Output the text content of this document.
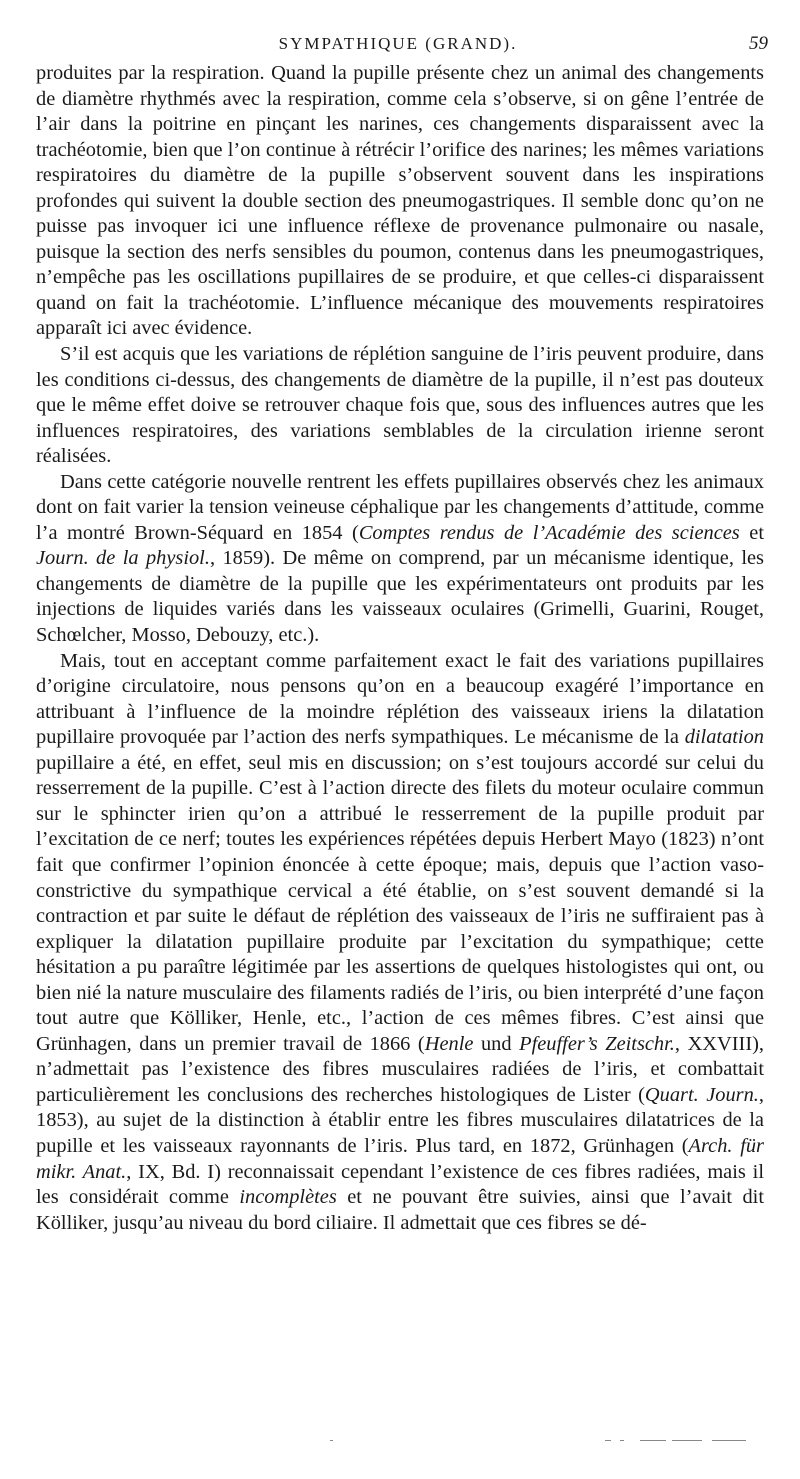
SYMPATHIQUE (GRAND).	59

produites par la respiration. Quand la pupille présente chez un animal des changements de diamètre rhythmés avec la respiration, comme cela s’observe, si on gêne l’entrée de l’air dans la poitrine en pinçant les narines, ces changements disparaissent avec la trachéotomie, bien que l’on continue à rétrécir l’orifice des narines; les mêmes variations respiratoires du diamètre de la pupille s’observent souvent dans les inspirations profondes qui suivent la double section des pneumogastriques. Il semble donc qu’on ne puisse pas invoquer ici une influence réflexe de provenance pulmonaire ou nasale, puisque la section des nerfs sensibles du poumon, contenus dans les pneumogastriques, n’empêche pas les oscillations pupillaires de se produire, et que celles-ci disparaissent quand on fait la trachéotomie. L’influence mécanique des mouvements respiratoires apparaît ici avec évidence.

S’il est acquis que les variations de réplétion sanguine de l’iris peuvent produire, dans les conditions ci-dessus, des changements de diamètre de la pupille, il n’est pas douteux que le même effet doive se retrouver chaque fois que, sous des influences autres que les influences respiratoires, des variations semblables de la circulation irienne seront réalisées.

Dans cette catégorie nouvelle rentrent les effets pupillaires observés chez les animaux dont on fait varier la tension veineuse céphalique par les changements d’attitude, comme l’a montré Brown-Séquard en 1854 (Comptes rendus de l’Académie des sciences et Journ. de la physiol., 1859). De même on comprend, par un mécanisme identique, les changements de diamètre de la pupille que les expérimentateurs ont produits par les injections de liquides variés dans les vaisseaux oculaires (Grimelli, Guarini, Rouget, Schœlcher, Mosso, Debouzy, etc.).

Mais, tout en acceptant comme parfaitement exact le fait des variations pupillaires d’origine circulatoire, nous pensons qu’on en a beaucoup exagéré l’importance en attribuant à l’influence de la moindre réplétion des vaisseaux iriens la dilatation pupillaire provoquée par l’action des nerfs sympathiques. Le mécanisme de la dilatation pupillaire a été, en effet, seul mis en discussion; on s’est toujours accordé sur celui du resserrement de la pupille. C’est à l’action directe des filets du moteur oculaire commun sur le sphincter irien qu’on a attribué le resserrement de la pupille produit par l’excitation de ce nerf; toutes les expériences répétées depuis Herbert Mayo (1823) n’ont fait que confirmer l’opinion énoncée à cette époque; mais, depuis que l’action vaso-constrictive du sympathique cervical a été établie, on s’est souvent demandé si la contraction et par suite le défaut de réplétion des vaisseaux de l’iris ne suffiraient pas à expliquer la dilatation pupillaire produite par l’excitation du sympathique; cette hésitation a pu paraître légitimée par les assertions de quelques histologistes qui ont, ou bien nié la nature musculaire des filaments radiés de l’iris, ou bien interprété d’une façon tout autre que Kölliker, Henle, etc., l’action de ces mêmes fibres. C’est ainsi que Grünhagen, dans un premier travail de 1866 (Henle und Pfeuffer’s Zeitschr., XXVIII), n’admettait pas l’existence des fibres musculaires radiées de l’iris, et combattait particulièrement les conclusions des recherches histologiques de Lister (Quart. Journ., 1853), au sujet de la distinction à établir entre les fibres musculaires dilatatrices de la pupille et les vaisseaux rayonnants de l’iris. Plus tard, en 1872, Grünhagen (Arch. für mikr. Anat., IX, Bd. I) reconnaissait cependant l’existence de ces fibres radiées, mais il les considérait comme incomplètes et ne pouvant être suivies, ainsi que l’avait dit Kölliker, jusqu’au niveau du bord ciliaire. Il admettait que ces fibres se dé-
